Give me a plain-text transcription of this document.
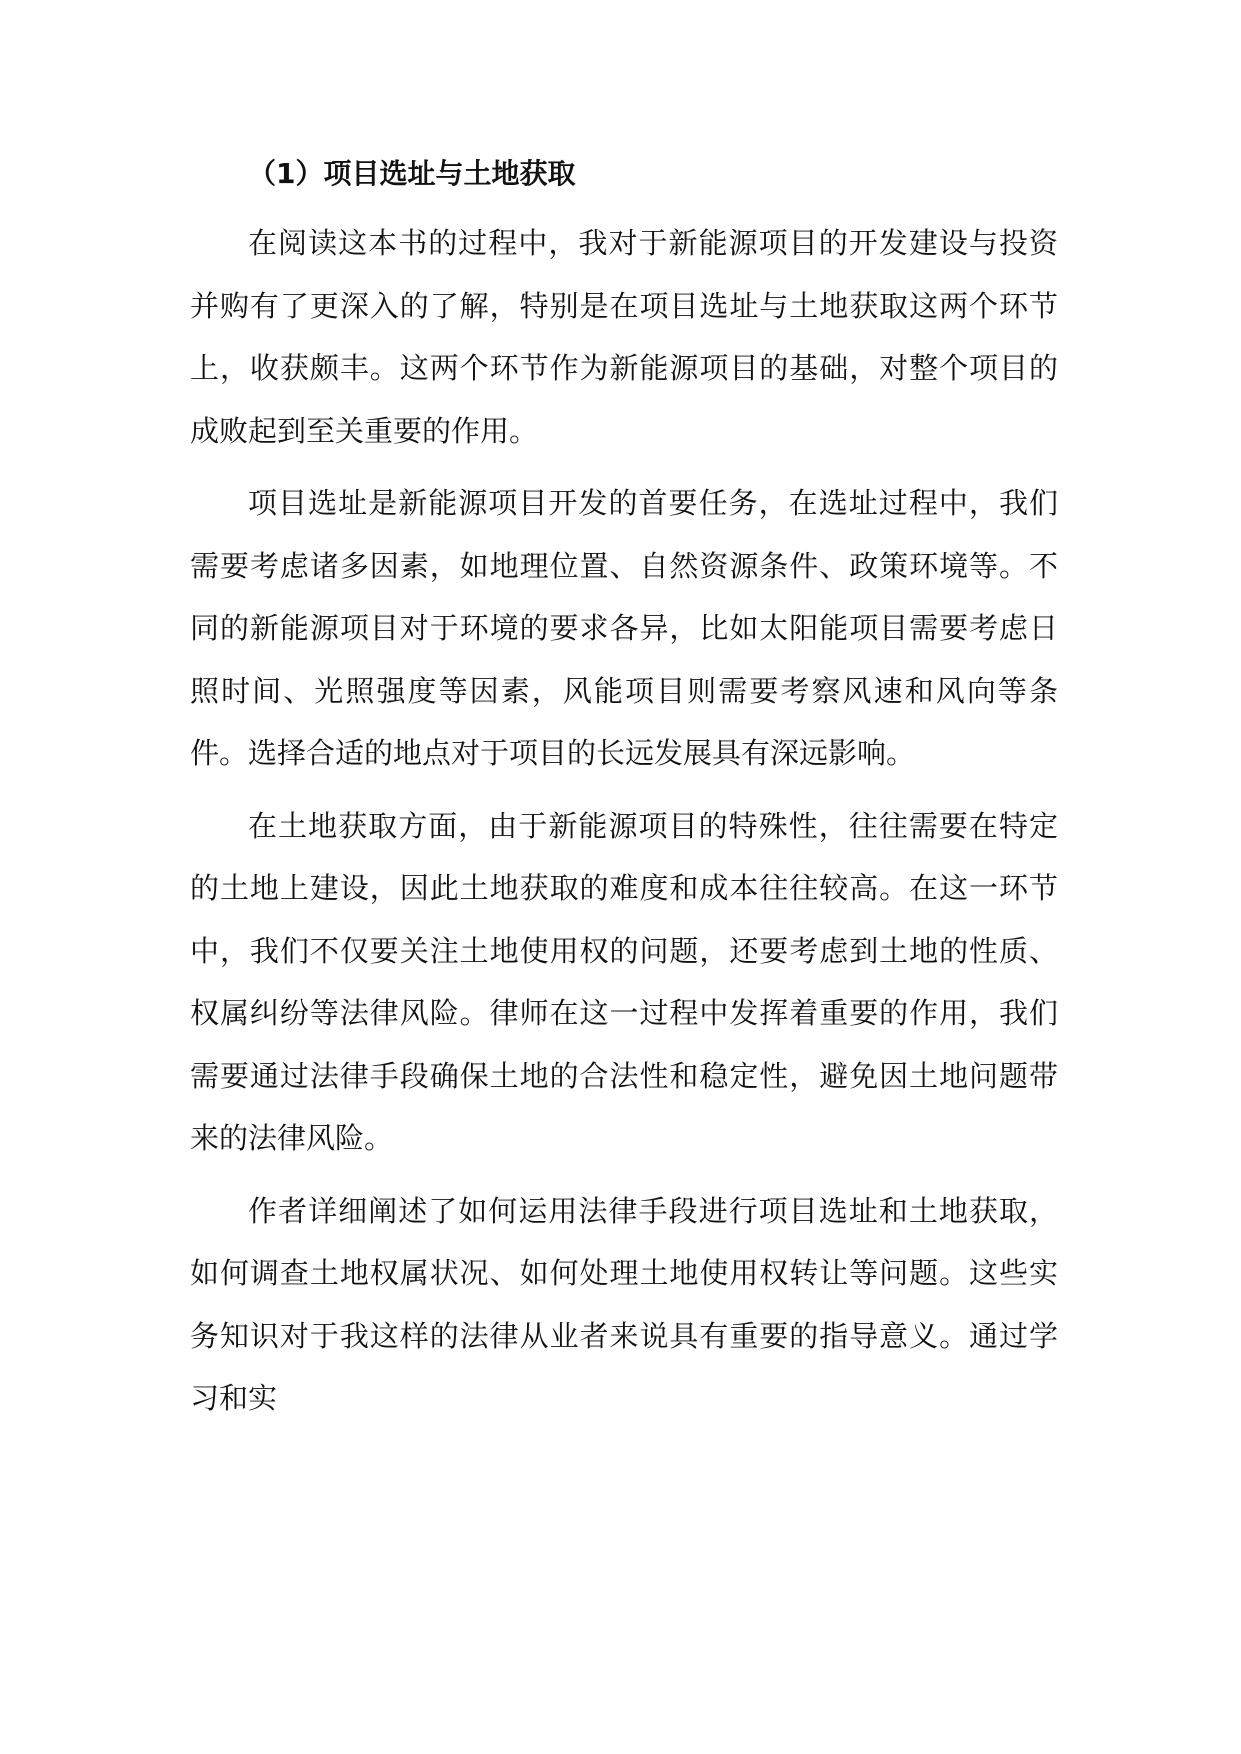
（1）项目选址与土地获取

在阅读这本书的过程中，我对于新能源项目的开发建设与投资并购有了更深入的了解，特别是在项目选址与土地获取这两个环节上，收获颇丰。这两个环节作为新能源项目的基础，对整个项目的成败起到至关重要的作用。

项目选址是新能源项目开发的首要任务，在选址过程中，我们需要考虑诸多因素，如地理位置、自然资源条件、政策环境等。不同的新能源项目对于环境的要求各异，比如太阳能项目需要考虑日照时间、光照强度等因素，风能项目则需要考察风速和风向等条件。选择合适的地点对于项目的长远发展具有深远影响。

在土地获取方面，由于新能源项目的特殊性，往往需要在特定的土地上建设，因此土地获取的难度和成本往往较高。在这一环节中，我们不仅要关注土地使用权的问题，还要考虑到土地的性质、权属纠纷等法律风险。律师在这一过程中发挥着重要的作用，我们需要通过法律手段确保土地的合法性和稳定性，避免因土地问题带来的法律风险。

作者详细阐述了如何运用法律手段进行项目选址和土地获取，如何调查土地权属状况、如何处理土地使用权转让等问题。这些实务知识对于我这样的法律从业者来说具有重要的指导意义。通过学习和实
